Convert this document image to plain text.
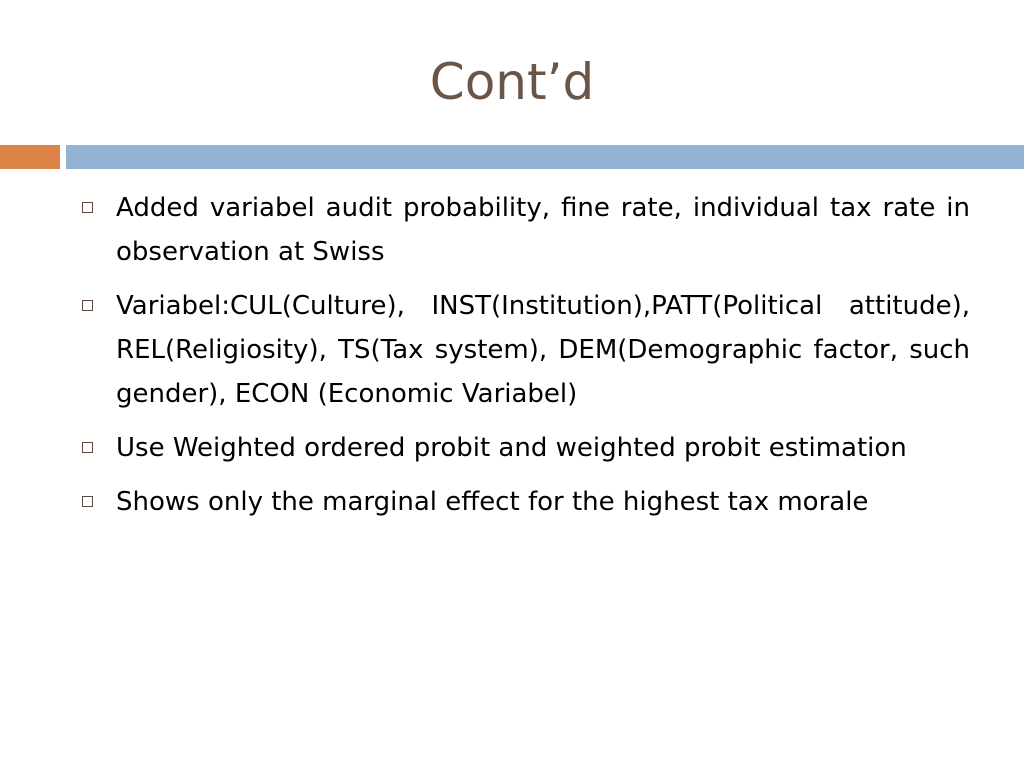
Cont’d
Added variabel audit probability, fine rate, individual tax rate in observation at Swiss
Variabel:CUL(Culture), INST(Institution),PATT(Political attitude), REL(Religiosity), TS(Tax system), DEM(Demographic factor, such gender), ECON (Economic Variabel)
Use Weighted ordered probit and weighted probit estimation
Shows only the marginal effect for the highest tax morale
